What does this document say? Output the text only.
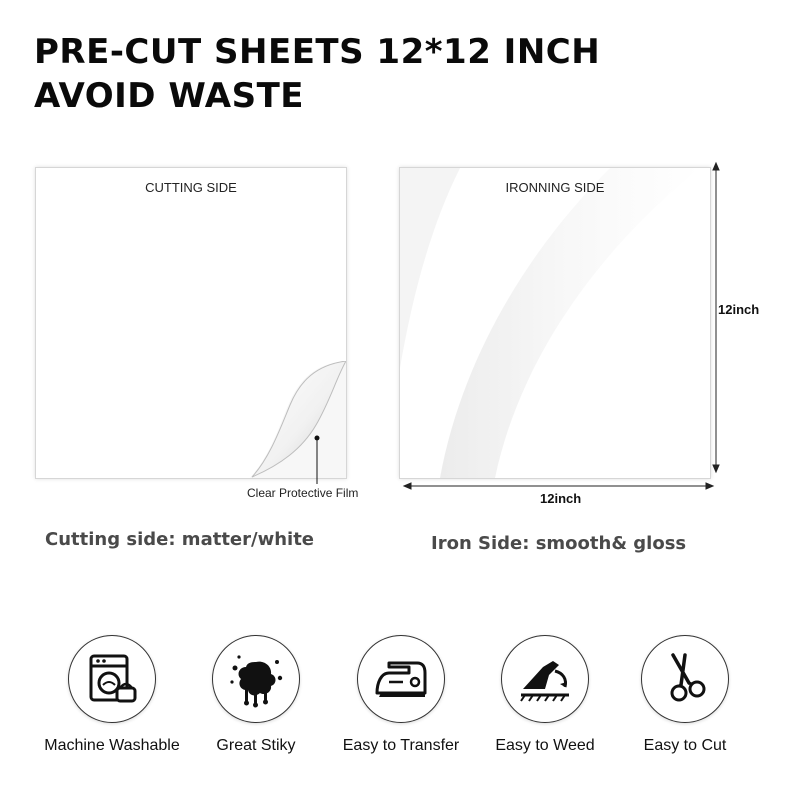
PRE-CUT SHEETS 12*12 INCH
AVOID WASTE
CUTTING SIDE
Clear Protective Film
IRONNING SIDE
12inch
12inch
Cutting side: matter/white	Iron Side: smooth& gloss
Machine Washable	Great Stiky	Easy to Transfer	Easy to Weed	Easy to Cut
